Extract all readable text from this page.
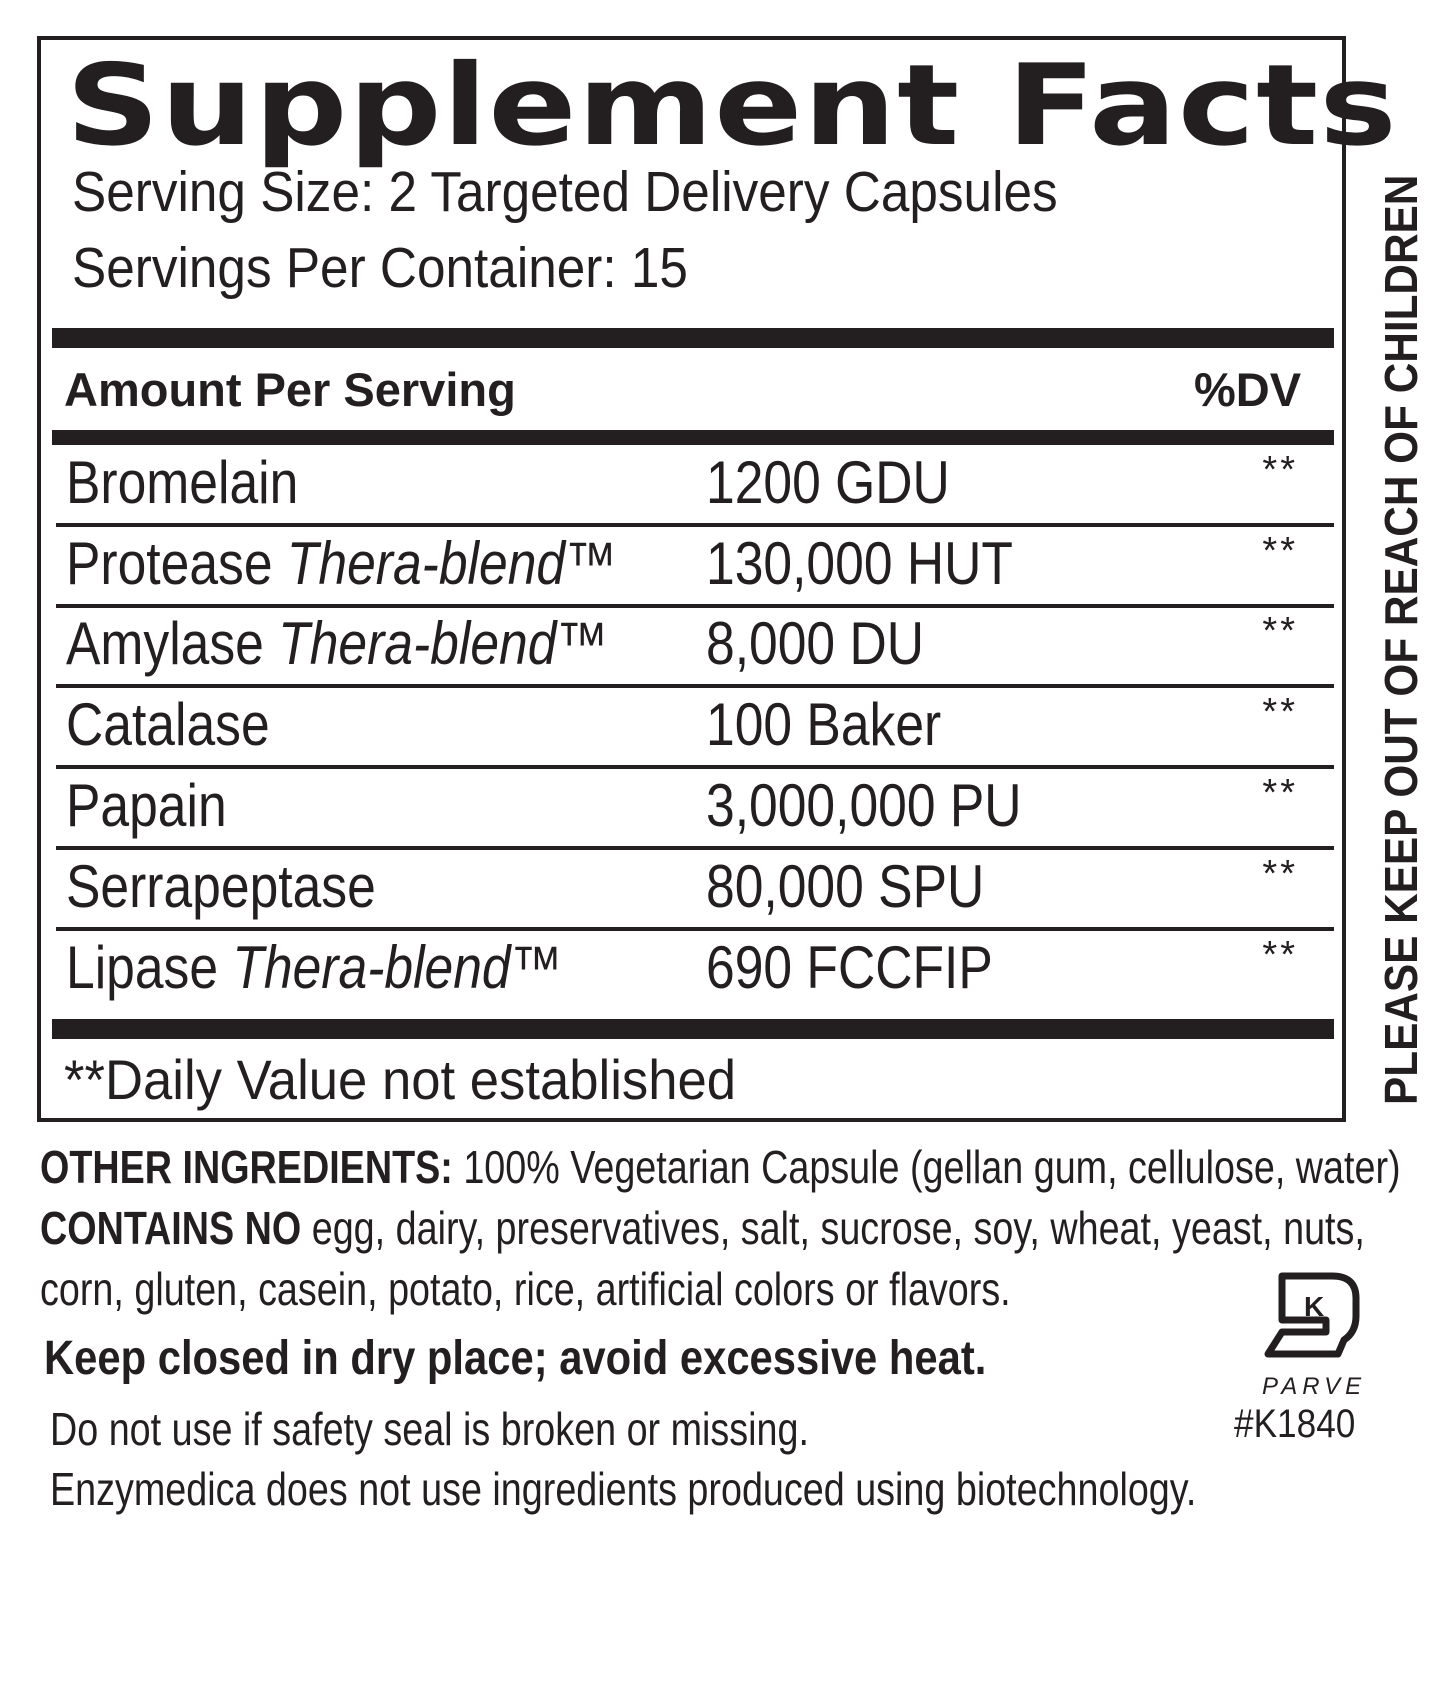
Supplement Facts
Serving Size: 2 Targeted Delivery Capsules
Servings Per Container: 15
Amount Per Serving	%DV
Bromelain	1200 GDU	**
Protease Thera-blend™ 130,000 HUT	**
Amylase Thera-blend™ 8,000 DU	**
Catalase	100 Baker	**
Papain	3,000,000 PU	**
Serrapeptase	80,000 SPU	**
Lipase Thera-blend™ 690 FCCFIP	**
**Daily Value not established	PLEASE KEEP OUT OF REACH OF CHILDREN
OTHER INGREDIENTS: 100% Vegetarian Capsule (gellan gum, cellulose, water)
CONTAINS NO egg, dairy, preservatives, salt, sucrose, soy, wheat, yeast, nuts,
corn, gluten, casein, potato, rice, artificial colors or flavors.
Keep closed in dry place; avoid excessive heat.
Do not use if safety seal is broken or missing.
Enzymedica does not use ingredients produced using biotechnology.
K
PARVE
#K1840
